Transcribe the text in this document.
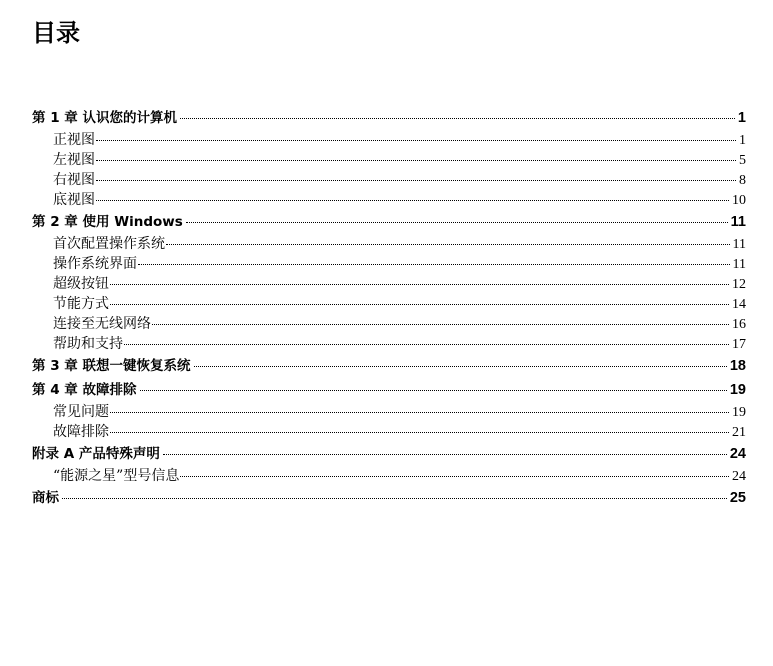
目录
第 1 章 认识您的计算机	1
正视图	1
左视图	5
右视图	8
底视图	10
第 2 章 使用 Windows	11
首次配置操作系统	11
操作系统界面	11
超级按钮	12
节能方式	14
连接至无线网络	16
帮助和支持	17
第 3 章 联想一键恢复系统	18
第 4 章 故障排除	19
常见问题	19
故障排除	21
附录 A 产品特殊声明	24
“能源之星”型号信息	24
商标	25
